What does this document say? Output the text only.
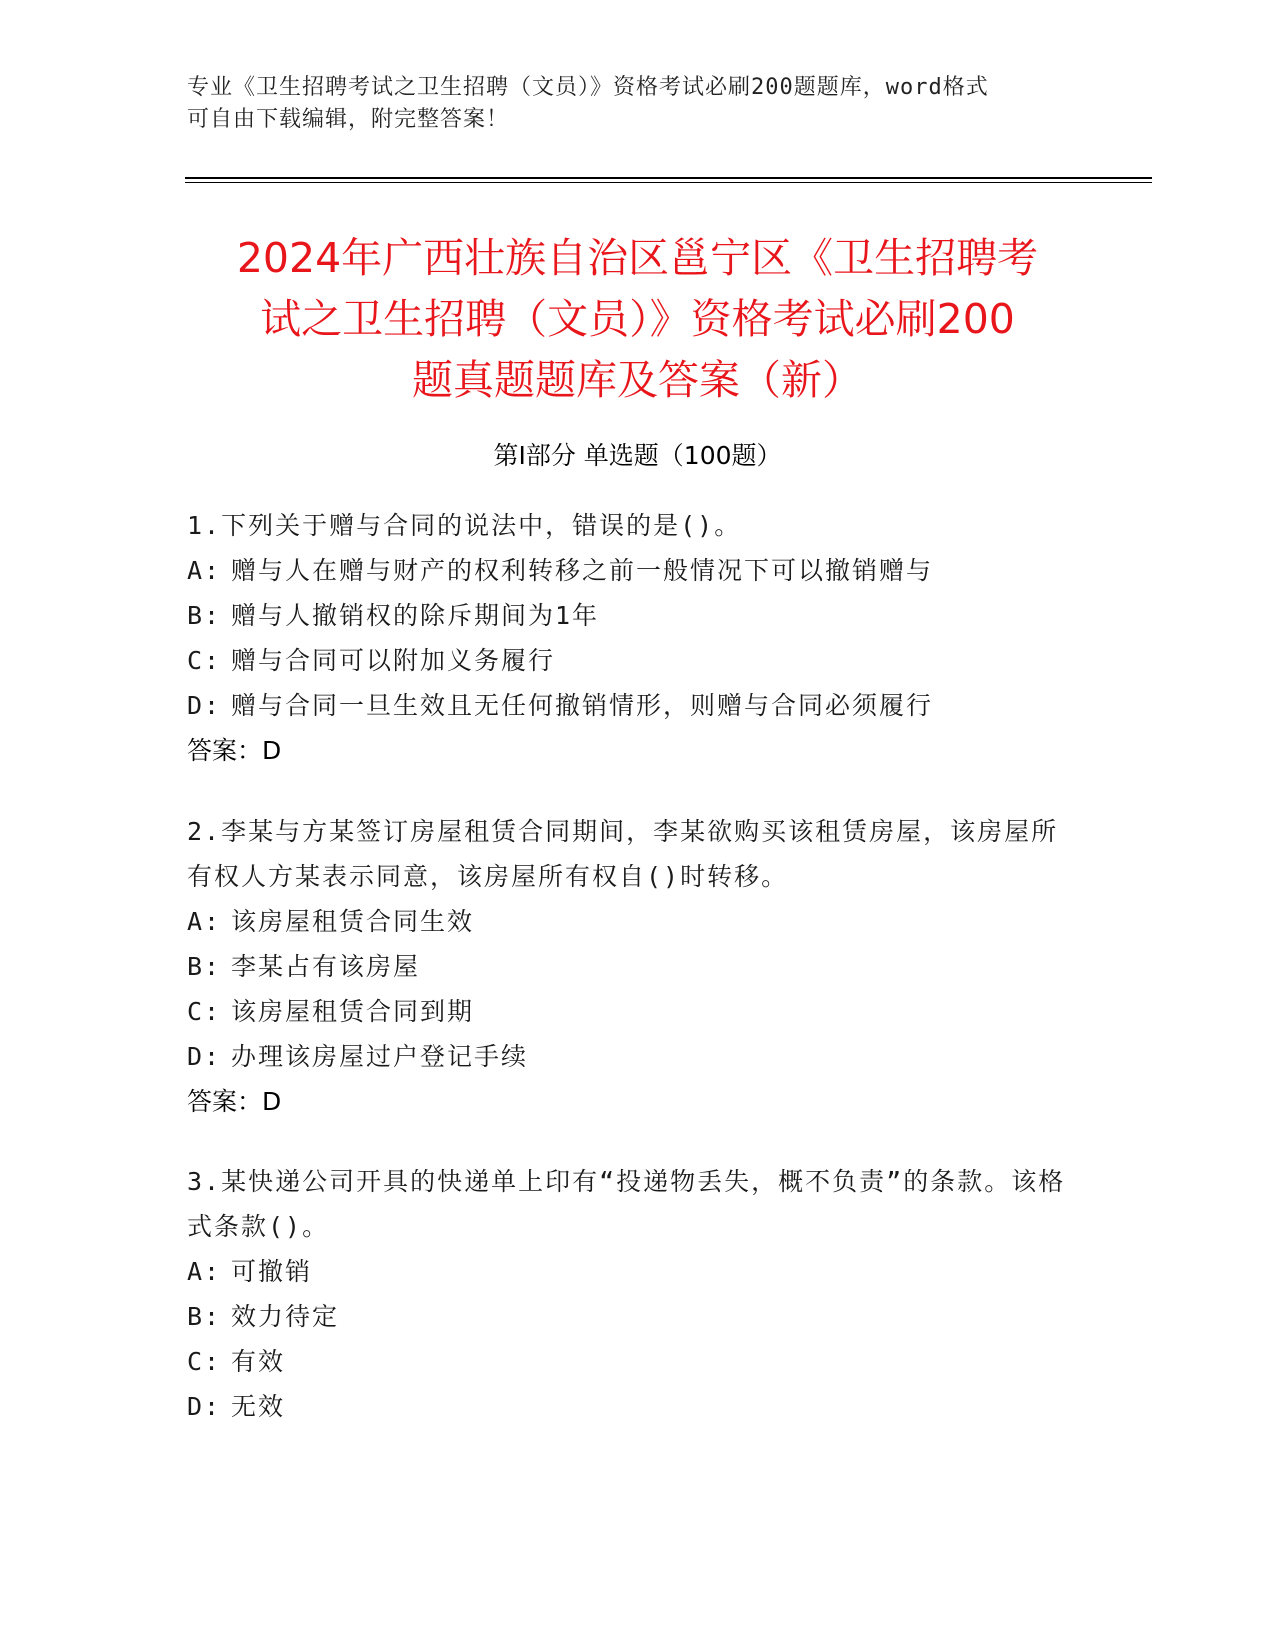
专业《卫生招聘考试之卫生招聘（文员）》资格考试必刷200题题库，word格式
可自由下载编辑，附完整答案！
2024年广西壮族自治区邕宁区《卫生招聘考
试之卫生招聘（文员）》资格考试必刷200
题真题题库及答案（新）
第Ⅰ部分 单选题（100题）
1.下列关于赠与合同的说法中，错误的是()。
A: 赠与人在赠与财产的权利转移之前一般情况下可以撤销赠与
B: 赠与人撤销权的除斥期间为1年
C: 赠与合同可以附加义务履行
D: 赠与合同一旦生效且无任何撤销情形，则赠与合同必须履行
答案：D
2.李某与方某签订房屋租赁合同期间，李某欲购买该租赁房屋，该房屋所有权人方某表示同意，该房屋所有权自()时转移。
A: 该房屋租赁合同生效
B: 李某占有该房屋
C: 该房屋租赁合同到期
D: 办理该房屋过户登记手续
答案：D
3.某快递公司开具的快递单上印有“投递物丢失，概不负责”的条款。该格式条款()。
A: 可撤销
B: 效力待定
C: 有效
D: 无效
